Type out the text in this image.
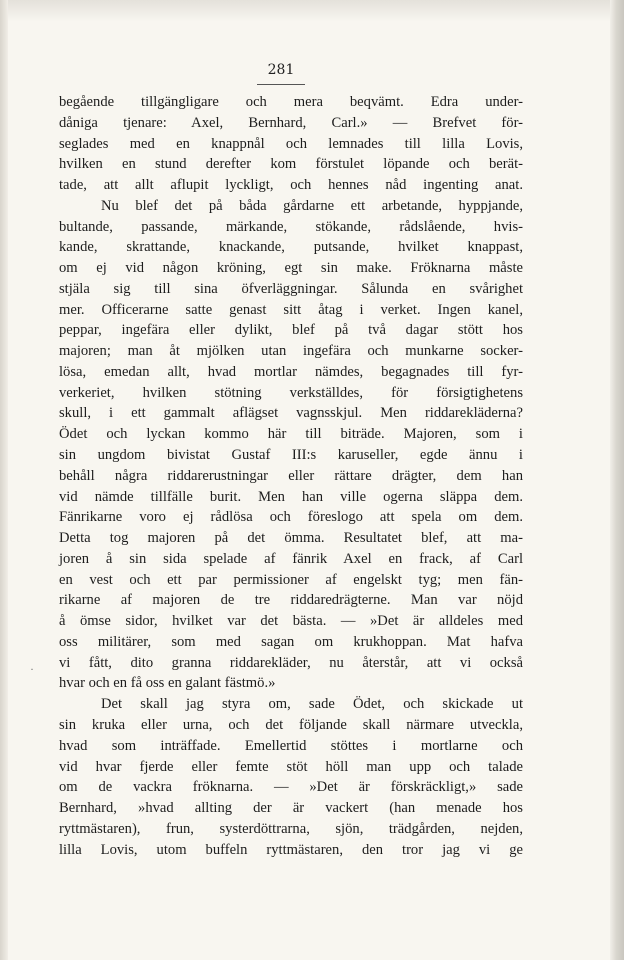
281
·
begående tillgängligare och mera beqvämt. Edra under-
dåniga tjenare: Axel, Bernhard, Carl.» — Brefvet för-
seglades med en knappnål och lemnades till lilla Lovis,
hvilken en stund derefter kom förstulet löpande och berät-
tade, att allt aflupit lyckligt, och hennes nåd ingenting anat.
Nu blef det på båda gårdarne ett arbetande, hyppjande,
bultande, passande, märkande, stökande, rådslående, hvis-
kande, skrattande, knackande, putsande, hvilket knappast,
om ej vid någon kröning, egt sin make. Fröknarna måste
stjäla sig till sina öfverläggningar. Sålunda en svårighet
mer. Officerarne satte genast sitt åtag i verket. Ingen kanel,
peppar, ingefära eller dylikt, blef på två dagar stött hos
majoren; man åt mjölken utan ingefära och munkarne socker-
lösa, emedan allt, hvad mortlar nämdes, begagnades till fyr-
verkeriet, hvilken stötning verkställdes, för försigtighetens
skull, i ett gammalt aflägset vagnsskjul. Men riddareklädernа?
Ödet och lyckan kommo här till biträde. Majoren, som i
sin ungdom bivistat Gustaf III:s karuseller, egde ännu i
behåll några riddarerustningar eller rättare drägter, dem han
vid nämde tillfälle burit. Men han ville ogerna släppa dem.
Fänrikarne voro ej rådlösa och föreslogo att spela om dem.
Detta tog majoren på det ömma. Resultatet blef, att ma-
joren å sin sida spelade af fänrik Axel en frack, af Carl
en vest och ett par permissioner af engelskt tyg; men fän-
rikarne af majoren de tre riddaredrägterne. Man var nöjd
å ömse sidor, hvilket var det bästa. — »Det är alldeles med
oss militärer, som med sagan om krukhoppan. Mat hafva
vi fått, dito granna riddarekläder, nu återstår, att vi också
hvar och en få oss en galant fästmö.»
Det skall jag styra om, sade Ödet, och skickade ut
sin kruka eller urna, och det följande skall närmare utveckla,
hvad som inträffade. Emellertid stöttes i mortlarne och
vid hvar fjerde eller femte stöt höll man upp och talade
om de vackra fröknarna. — »Det är förskräckligt,» sade
Bernhard, »hvad allting der är vackert (han menade hos
ryttmästaren), frun, systerdöttrarna, sjön, trädgården, nejden,
lilla Lovis, utom buffeln ryttmästaren, den tror jag vi ge
